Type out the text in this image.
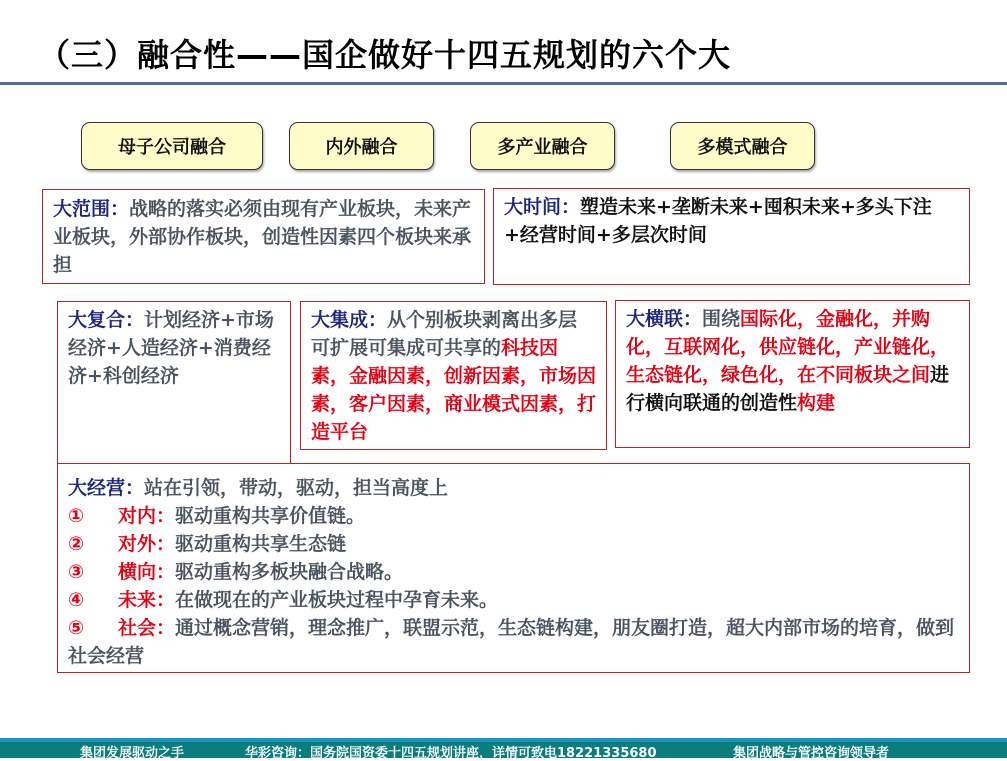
（三）融合性——国企做好十四五规划的六个大
母子公司融合	内外融合	多产业融合	多模式融合
大范围：战略的落实必须由现有产业板块，未来产业板块，外部协作板块，创造性因素四个板块来承担
大时间：塑造未来+垄断未来+囤积未来+多头下注+经营时间+多层次时间
大经营：站在引领，带动，驱动，担当高度上
① 对内：驱动重构共享价值链。
② 对外：驱动重构共享生态链
③ 横向：驱动重构多板块融合战略。
④ 未来：在做现在的产业板块过程中孕育未来。
⑤ 社会：通过概念营销，理念推广，联盟示范，生态链构建，朋友圈打造，超大内部市场的培育，做到社会经营
大复合：计划经济+市场经济+人造经济+消费经济+科创经济
大集成：从个别板块剥离出多层可扩展可集成可共享的科技因素，金融因素，创新因素，市场因素，客户因素，商业模式因素，打造平台
大横联：围绕国际化，金融化，并购化，互联网化，供应链化，产业链化，生态链化，绿色化，在不同板块之间进行横向联通的创造性构建
集团发展驱动之手	华彩咨询：国务院国资委十四五规划讲座，详情可致电18221335680	集团战略与管控咨询领导者
